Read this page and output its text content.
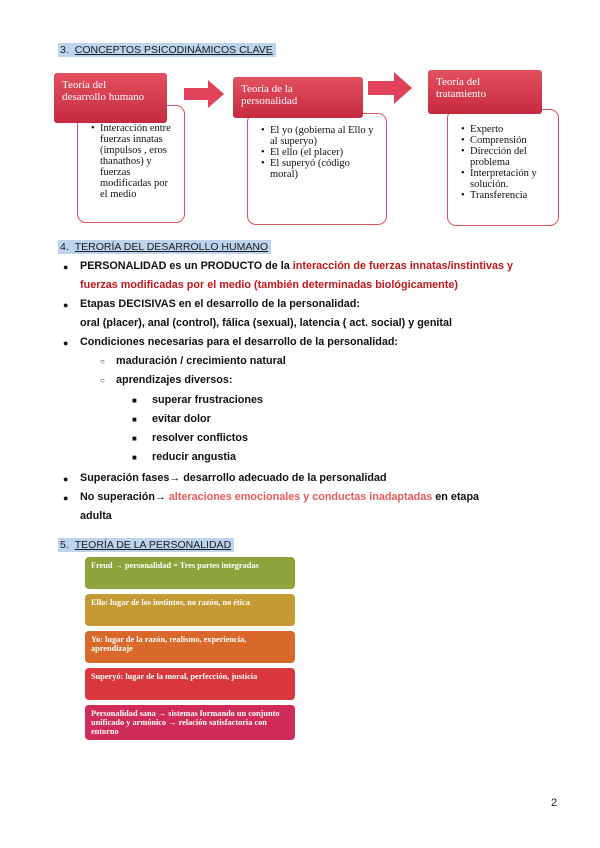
3. CONCEPTOS PSICODINÁMICOS CLAVE
• Interacción entre fuerzas innatas (impulsos , eros thanathos) y fuerzas modificadas por el medio
Teoría del
desarrollo humano
• El yo (gobierna al Ello y al superyo)
• El ello (el placer)
• El superyó (código moral)
Teoría de la
personalidad
• Experto
• Comprensión
• Dirección del problema
• Interpretación y solución.
• Transferencia
Teoría del
tratamiento
4. TERORÍA DEL DESARROLLO HUMANO
● PERSONALIDAD es un PRODUCTO de la interacción de fuerzas innatas/instintivas y
fuerzas modificadas por el medio (también determinadas biológicamente)
● Etapas DECISIVAS en el desarrollo de la personalidad:
oral (placer), anal (control), fálica (sexual), latencia ( act. social) y genital
● Condiciones necesarias para el desarrollo de la personalidad:
○ maduración / crecimiento natural
○ aprendizajes diversos:
■ superar frustraciones
■ evitar dolor
■ resolver conflictos
■ reducir angustia
● Superación fases→ desarrollo adecuado de la personalidad
● No superación→ alteraciones emocionales y conductas inadaptadas en etapa
adulta
5. TEORÍA DE LA PERSONALIDAD
Freud → personalidad = Tres partes integradas
Ello: lugar de los instintos, no razón, no ética
Yo: lugar de la razón, realismo, experiencia, aprendizaje
Superyó: lugar de la moral, perfección, justicia
Personalidad sana → sistemas formando un conjunto unificado y armónico → relación satisfactoria con entorno
2
